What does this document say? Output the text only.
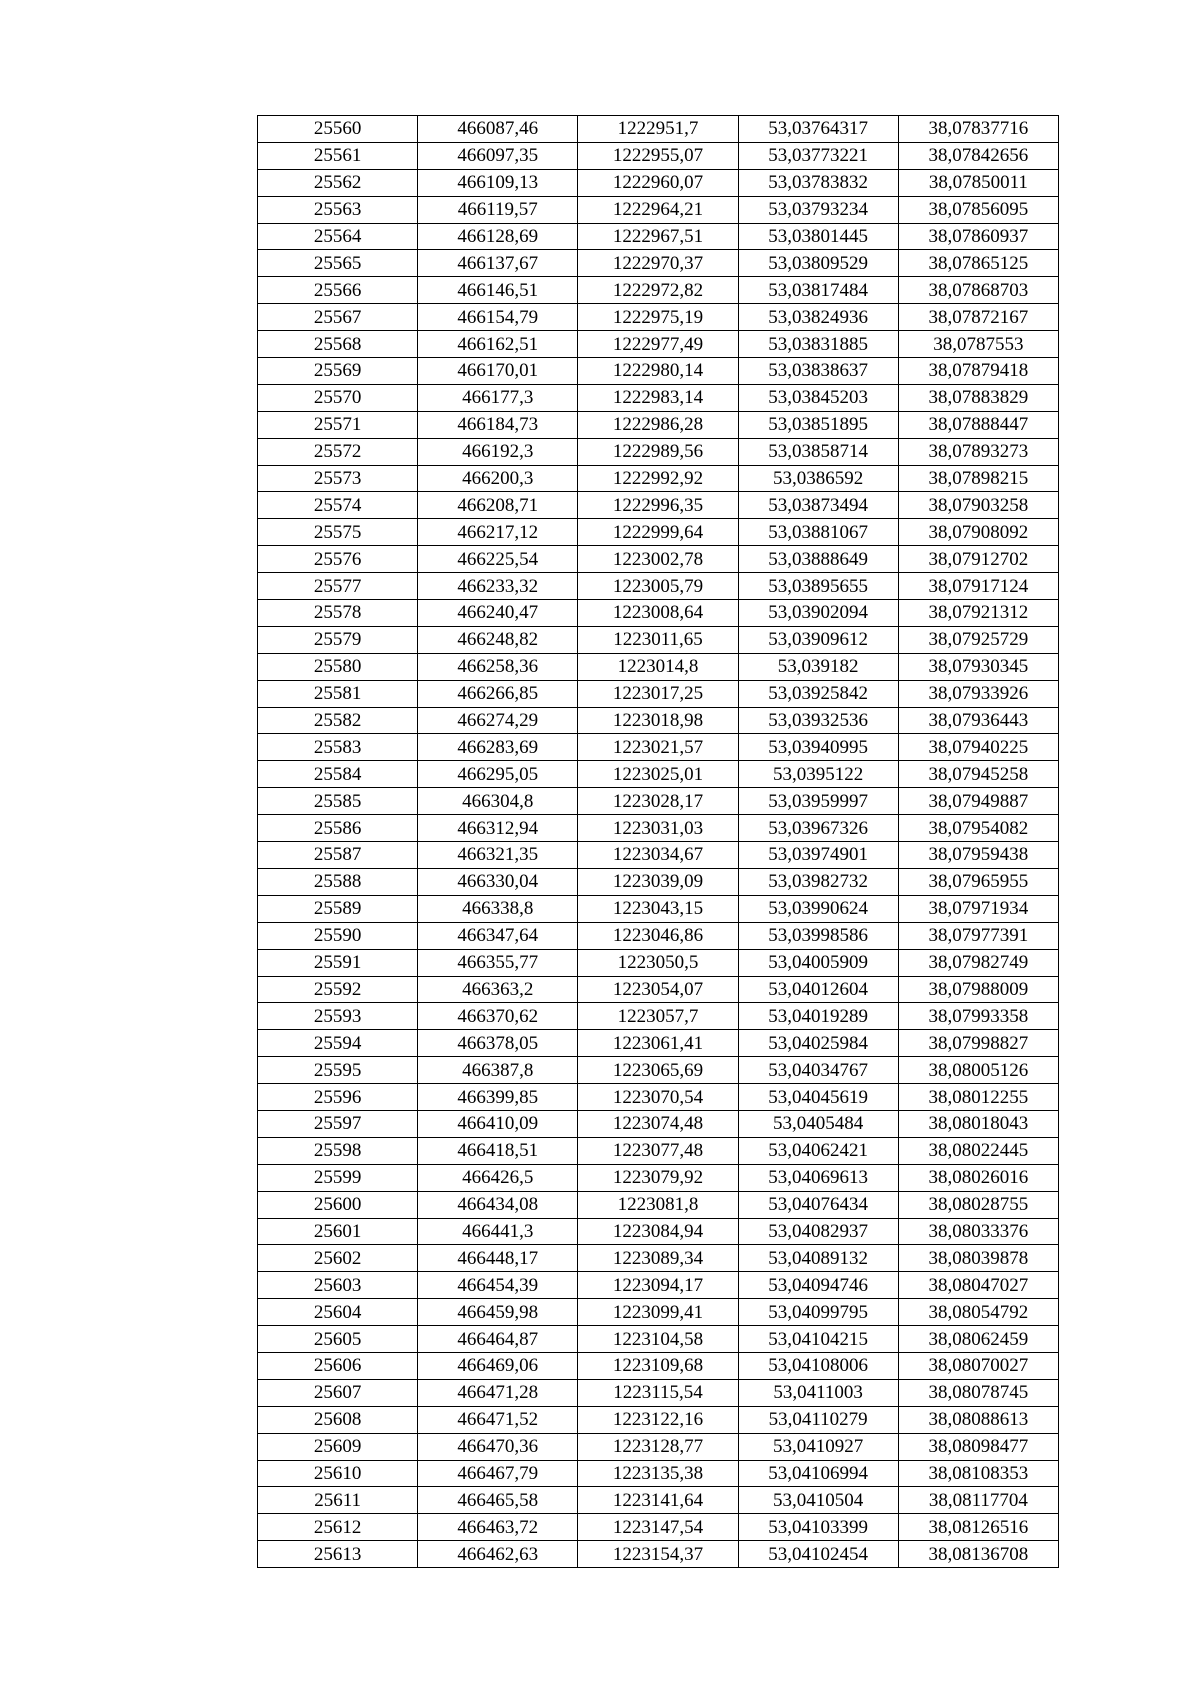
25560	466087,46	1222951,7	53,03764317	38,07837716
25561	466097,35	1222955,07	53,03773221	38,07842656
25562	466109,13	1222960,07	53,03783832	38,07850011
25563	466119,57	1222964,21	53,03793234	38,07856095
25564	466128,69	1222967,51	53,03801445	38,07860937
25565	466137,67	1222970,37	53,03809529	38,07865125
25566	466146,51	1222972,82	53,03817484	38,07868703
25567	466154,79	1222975,19	53,03824936	38,07872167
25568	466162,51	1222977,49	53,03831885	38,0787553
25569	466170,01	1222980,14	53,03838637	38,07879418
25570	466177,3	1222983,14	53,03845203	38,07883829
25571	466184,73	1222986,28	53,03851895	38,07888447
25572	466192,3	1222989,56	53,03858714	38,07893273
25573	466200,3	1222992,92	53,0386592	38,07898215
25574	466208,71	1222996,35	53,03873494	38,07903258
25575	466217,12	1222999,64	53,03881067	38,07908092
25576	466225,54	1223002,78	53,03888649	38,07912702
25577	466233,32	1223005,79	53,03895655	38,07917124
25578	466240,47	1223008,64	53,03902094	38,07921312
25579	466248,82	1223011,65	53,03909612	38,07925729
25580	466258,36	1223014,8	53,039182	38,07930345
25581	466266,85	1223017,25	53,03925842	38,07933926
25582	466274,29	1223018,98	53,03932536	38,07936443
25583	466283,69	1223021,57	53,03940995	38,07940225
25584	466295,05	1223025,01	53,0395122	38,07945258
25585	466304,8	1223028,17	53,03959997	38,07949887
25586	466312,94	1223031,03	53,03967326	38,07954082
25587	466321,35	1223034,67	53,03974901	38,07959438
25588	466330,04	1223039,09	53,03982732	38,07965955
25589	466338,8	1223043,15	53,03990624	38,07971934
25590	466347,64	1223046,86	53,03998586	38,07977391
25591	466355,77	1223050,5	53,04005909	38,07982749
25592	466363,2	1223054,07	53,04012604	38,07988009
25593	466370,62	1223057,7	53,04019289	38,07993358
25594	466378,05	1223061,41	53,04025984	38,07998827
25595	466387,8	1223065,69	53,04034767	38,08005126
25596	466399,85	1223070,54	53,04045619	38,08012255
25597	466410,09	1223074,48	53,0405484	38,08018043
25598	466418,51	1223077,48	53,04062421	38,08022445
25599	466426,5	1223079,92	53,04069613	38,08026016
25600	466434,08	1223081,8	53,04076434	38,08028755
25601	466441,3	1223084,94	53,04082937	38,08033376
25602	466448,17	1223089,34	53,04089132	38,08039878
25603	466454,39	1223094,17	53,04094746	38,08047027
25604	466459,98	1223099,41	53,04099795	38,08054792
25605	466464,87	1223104,58	53,04104215	38,08062459
25606	466469,06	1223109,68	53,04108006	38,08070027
25607	466471,28	1223115,54	53,0411003	38,08078745
25608	466471,52	1223122,16	53,04110279	38,08088613
25609	466470,36	1223128,77	53,0410927	38,08098477
25610	466467,79	1223135,38	53,04106994	38,08108353
25611	466465,58	1223141,64	53,0410504	38,08117704
25612	466463,72	1223147,54	53,04103399	38,08126516
25613	466462,63	1223154,37	53,04102454	38,08136708
